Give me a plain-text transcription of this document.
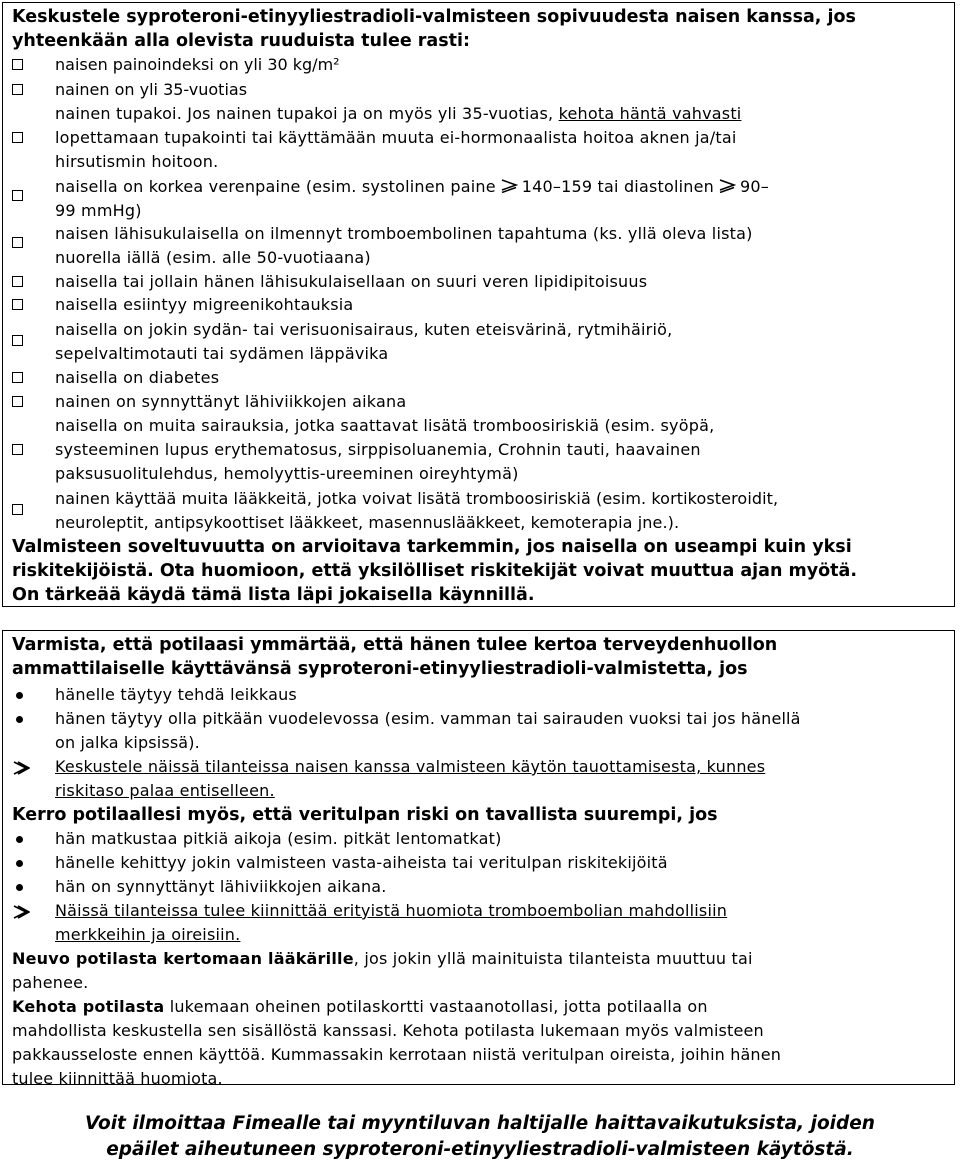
Keskustele syproteroni-etinyyliestradioli-valmisteen sopivuudesta naisen kanssa, jos
yhteenkään alla olevista ruuduista tulee rasti:
naisen painoindeksi on yli 30 kg/m²
nainen on yli 35-vuotias
nainen tupakoi. Jos nainen tupakoi ja on myös yli 35-vuotias, kehota häntä vahvasti
lopettamaan tupakointi tai käyttämään muuta ei-hormonaalista hoitoa aknen ja/tai
hirsutismin hoitoon.
naisella on korkea verenpaine (esim. systolinen paine 140–159 tai diastolinen 90–
99 mmHg)
naisen lähisukulaisella on ilmennyt tromboembolinen tapahtuma (ks. yllä oleva lista)
nuorella iällä (esim. alle 50-vuotiaana)
naisella tai jollain hänen lähisukulaisellaan on suuri veren lipidipitoisuus
naisella esiintyy migreenikohtauksia
naisella on jokin sydän- tai verisuonisairaus, kuten eteisvärinä, rytmihäiriö,
sepelvaltimotauti tai sydämen läppävika
naisella on diabetes
nainen on synnyttänyt lähiviikkojen aikana
naisella on muita sairauksia, jotka saattavat lisätä tromboosiriskiä (esim. syöpä,
systeeminen lupus erythematosus, sirppisoluanemia, Crohnin tauti, haavainen
paksusuolitulehdus, hemolyyttis-ureeminen oireyhtymä)
nainen käyttää muita lääkkeitä, jotka voivat lisätä tromboosiriskiä (esim. kortikosteroidit,
neuroleptit, antipsykoottiset lääkkeet, masennuslääkkeet, kemoterapia jne.).
Valmisteen soveltuvuutta on arvioitava tarkemmin, jos naisella on useampi kuin yksi
riskitekijöistä. Ota huomioon, että yksilölliset riskitekijät voivat muuttua ajan myötä.
On tärkeää käydä tämä lista läpi jokaisella käynnillä.
Varmista, että potilaasi ymmärtää, että hänen tulee kertoa terveydenhuollon
ammattilaiselle käyttävänsä syproteroni-etinyyliestradioli-valmistetta, jos
hänelle täytyy tehdä leikkaus
hänen täytyy olla pitkään vuodelevossa (esim. vamman tai sairauden vuoksi tai jos hänellä
on jalka kipsissä).
Keskustele näissä tilanteissa naisen kanssa valmisteen käytön tauottamisesta, kunnes
riskitaso palaa entiselleen.
Kerro potilaallesi myös, että veritulpan riski on tavallista suurempi, jos
hän matkustaa pitkiä aikoja (esim. pitkät lentomatkat)
hänelle kehittyy jokin valmisteen vasta-aiheista tai veritulpan riskitekijöitä
hän on synnyttänyt lähiviikkojen aikana.
Näissä tilanteissa tulee kiinnittää erityistä huomiota tromboembolian mahdollisiin
merkkeihin ja oireisiin.
Neuvo potilasta kertomaan lääkärille, jos jokin yllä mainituista tilanteista muuttuu tai
pahenee.
Kehota potilasta lukemaan oheinen potilaskortti vastaanotollasi, jotta potilaalla on
mahdollista keskustella sen sisällöstä kanssasi. Kehota potilasta lukemaan myös valmisteen
pakkausseloste ennen käyttöä. Kummassakin kerrotaan niistä veritulpan oireista, joihin hänen
tulee kiinnittää huomiota.
Voit ilmoittaa Fimealle tai myyntiluvan haltijalle haittavaikutuksista, joiden
epäilet aiheutuneen syproteroni-etinyyliestradioli-valmisteen käytöstä.
